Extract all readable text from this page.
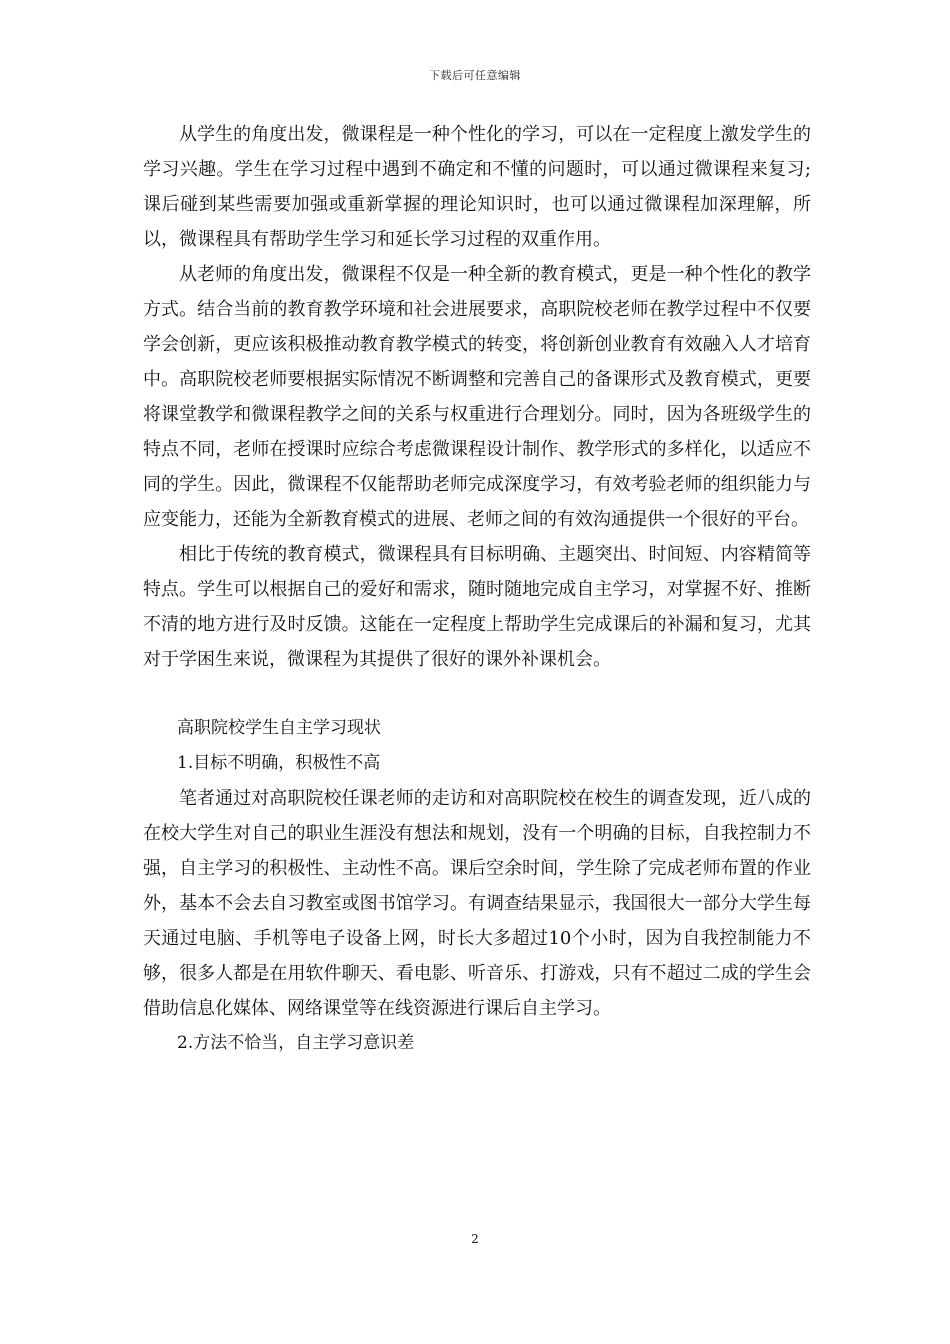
下载后可任意编辑

从学生的角度出发，微课程是一种个性化的学习，可以在一定程度上激发学生的学习兴趣。学生在学习过程中遇到不确定和不懂的问题时，可以通过微课程来复习;课后碰到某些需要加强或重新掌握的理论知识时，也可以通过微课程加深理解，所以，微课程具有帮助学生学习和延长学习过程的双重作用。

从老师的角度出发，微课程不仅是一种全新的教育模式，更是一种个性化的教学方式。结合当前的教育教学环境和社会进展要求，高职院校老师在教学过程中不仅要学会创新，更应该积极推动教育教学模式的转变，将创新创业教育有效融入人才培育中。高职院校老师要根据实际情况不断调整和完善自己的备课形式及教育模式，更要将课堂教学和微课程教学之间的关系与权重进行合理划分。同时，因为各班级学生的特点不同，老师在授课时应综合考虑微课程设计制作、教学形式的多样化，以适应不同的学生。因此，微课程不仅能帮助老师完成深度学习，有效考验老师的组织能力与应变能力，还能为全新教育模式的进展、老师之间的有效沟通提供一个很好的平台。

相比于传统的教育模式，微课程具有目标明确、主题突出、时间短、内容精简等特点。学生可以根据自己的爱好和需求，随时随地完成自主学习，对掌握不好、推断不清的地方进行及时反馈。这能在一定程度上帮助学生完成课后的补漏和复习，尤其对于学困生来说，微课程为其提供了很好的课外补课机会。

高职院校学生自主学习现状

1.目标不明确，积极性不高

笔者通过对高职院校任课老师的走访和对高职院校在校生的调查发现，近八成的在校大学生对自己的职业生涯没有想法和规划，没有一个明确的目标，自我控制力不强，自主学习的积极性、主动性不高。课后空余时间，学生除了完成老师布置的作业外，基本不会去自习教室或图书馆学习。有调查结果显示，我国很大一部分大学生每天通过电脑、手机等电子设备上网，时长大多超过10个小时，因为自我控制能力不够，很多人都是在用软件聊天、看电影、听音乐、打游戏，只有不超过二成的学生会借助信息化媒体、网络课堂等在线资源进行课后自主学习。

2.方法不恰当，自主学习意识差

2
